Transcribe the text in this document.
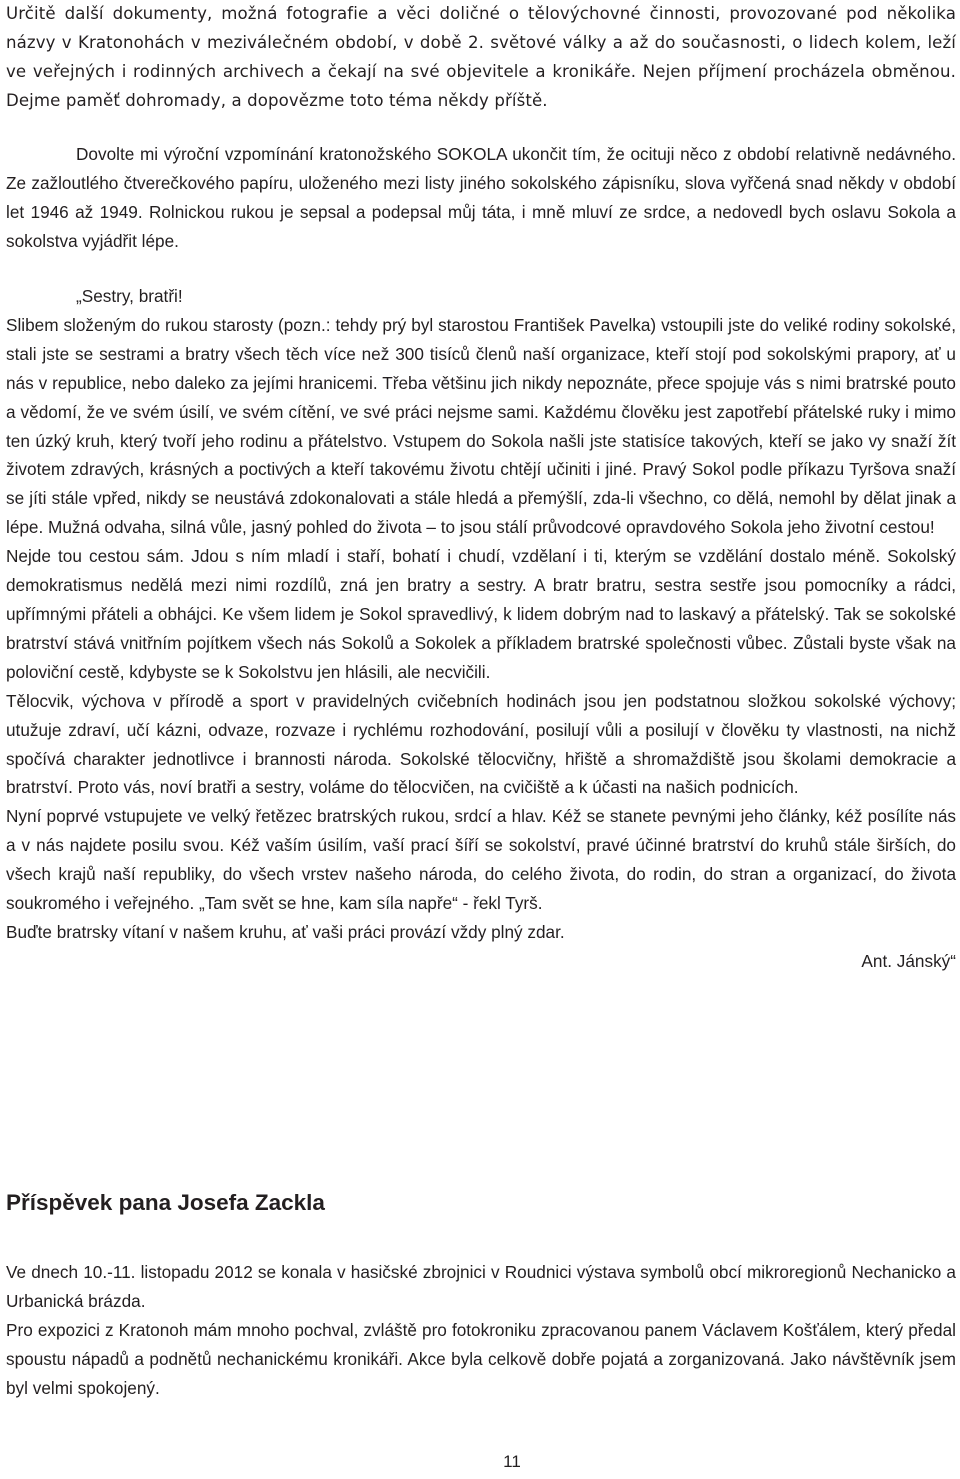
Určitě další dokumenty, možná fotografie a věci doličné o tělovýchovné činnosti, provozované pod několika názvy v Kratonohách v meziválečném období, v době 2. světové války a až do současnosti, o lidech kolem, leží ve veřejných i rodinných archivech a čekají na své objevitele a kronikáře. Nejen příjmení procházela obměnou. Dejme paměť dohromady, a dopovězme toto téma někdy příště.

Dovolte mi výroční vzpomínání kratonožského SOKOLA ukončit tím, že ocituji něco z období relativně nedávného. Ze zažloutlého čtverečkového papíru, uloženého mezi listy jiného sokolského zápisníku, slova vyřčená snad někdy v období let 1946 až 1949. Rolnickou rukou je sepsal a podepsal můj táta, i mně mluví ze srdce, a nedovedl bych oslavu Sokola a sokolstva vyjádřit lépe.

„Sestry, bratři!

Slibem složeným do rukou starosty (pozn.: tehdy prý byl starostou František Pavelka) vstoupili jste do veliké rodiny sokolské, stali jste se sestrami a bratry všech těch více než 300 tisíců členů naší organizace, kteří stojí pod sokolskými prapory, ať u nás v republice, nebo daleko za jejími hranicemi. Třeba většinu jich nikdy nepoznáte, přece spojuje vás s nimi bratrské pouto a vědomí, že ve svém úsilí, ve svém cítění, ve své práci nejsme sami. Každému člověku jest zapotřebí přátelské ruky i mimo ten úzký kruh, který tvoří jeho rodinu a přátelstvo. Vstupem do Sokola našli jste statisíce takových, kteří se jako vy snaží žít životem zdravých, krásných a poctivých a kteří takovému životu chtějí učiniti i jiné. Pravý Sokol podle příkazu Tyršova snaží se jíti stále vpřed, nikdy se neustává zdokonalovati a stále hledá a přemýšlí, zda-li všechno, co dělá, nemohl by dělat jinak a lépe. Mužná odvaha, silná vůle, jasný pohled do života – to jsou stálí průvodcové opravdového Sokola jeho životní cestou!

Nejde tou cestou sám. Jdou s ním mladí i staří, bohatí i chudí, vzdělaní i ti, kterým se vzdělání dostalo méně. Sokolský demokratismus nedělá mezi nimi rozdílů, zná jen bratry a sestry. A bratr bratru, sestra sestře jsou pomocníky a rádci, upřímnými přáteli a obhájci. Ke všem lidem je Sokol spravedlivý, k lidem dobrým nad to laskavý a přátelský. Tak se sokolské bratrství stává vnitřním pojítkem všech nás Sokolů a Sokolek a příkladem bratrské společnosti vůbec. Zůstali byste však na poloviční cestě, kdybyste se k Sokolstvu jen hlásili, ale necvičili.

Tělocvik, výchova v přírodě a sport v pravidelných cvičebních hodinách jsou jen podstatnou složkou sokolské výchovy; utužuje zdraví, učí kázni, odvaze, rozvaze i rychlému rozhodování, posilují vůli a posilují v člověku ty vlastnosti, na nichž spočívá charakter jednotlivce i brannosti národa. Sokolské tělocvičny, hřiště a shromaždiště jsou školami demokracie a bratrství. Proto vás, noví bratři a sestry, voláme do tělocvičen, na cvičiště a k účasti na našich podnicích.

Nyní poprvé vstupujete ve velký řetězec bratrských rukou, srdcí a hlav. Kéž se stanete pevnými jeho články, kéž posílíte nás a v nás najdete posilu svou. Kéž vaším úsilím, vaší prací šíří se sokolství, pravé účinné bratrství do kruhů stále širších, do všech krajů naší republiky, do všech vrstev našeho národa, do celého života, do rodin, do stran a organizací, do života soukromého i veřejného. „Tam svět se hne, kam síla napře“ - řekl Tyrš.

Buďte bratrsky vítaní v našem kruhu, ať vaši práci provází vždy plný zdar.

Ant. Jánský“

Příspěvek pana Josefa Zackla

Ve dnech 10.-11. listopadu 2012 se konala v hasičské zbrojnici v Roudnici výstava symbolů obcí mikroregionů Nechanicko a Urbanická brázda.

Pro expozici z Kratonoh mám mnoho pochval, zvláště pro fotokroniku zpracovanou panem Václavem Košťálem, který předal spoustu nápadů a podnětů nechanickému kronikáři. Akce byla celkově dobře pojatá a zorganizovaná. Jako návštěvník jsem byl velmi spokojený.

11
